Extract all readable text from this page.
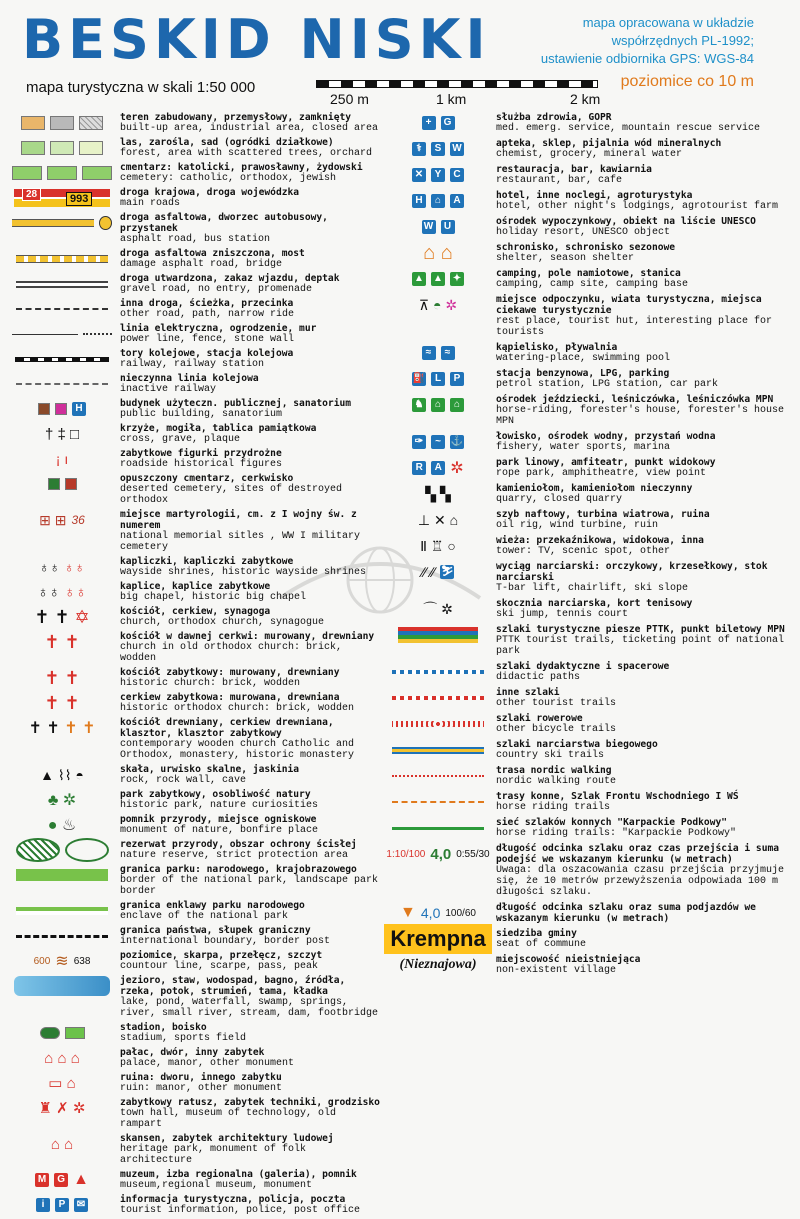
BESKID NISKI
mapa turystyczna w skali 1:50 000
mapa opracowana w układzie
współrzędnych PL-1992;
ustawienie odbiornika GPS: WGS-84
poziomice co 10 m
250 m	1 km	2 km
teren zabudowany, przemysłowy, zamknięty
built-up area, industrial area, closed area
las, zarośla, sad (ogródki działkowe)
forest, area with scattered trees, orchard
cmentarz: katolicki, prawosławny, żydowski
cemetery: catholic, orthodox, jewish
28	993
droga krajowa, droga wojewódzka
main roads
droga asfaltowa, dworzec autobusowy, przystanek
asphalt road, bus station
droga asfaltowa zniszczona, most
damage asphalt road, bridge
droga utwardzona, zakaz wjazdu, deptak
gravel road, no entry, promenade
inna droga, ścieżka, przecinka
other road, path, narrow ride
linia elektryczna, ogrodzenie, mur
power line, fence, stone wall
tory kolejowe, stacja kolejowa
railway, railway station
nieczynna linia kolejowa
inactive railway
H	budynek użyteczn. publicznej, sanatorium
public building, sanatorium
† ‡ □	krzyże, mogiła, tablica pamiątkowa
cross, grave, plaque
¡ ı	zabytkowe figurki przydrożne
roadside historical figures
opuszczony cmentarz, cerkwisko
deserted cemetery, sites of destroyed orthodox
⊞ ⊞ 36	miejsce martyrologii, cm. z I wojny św. z numerem
national memorial sitles , WW I military cemetery
♁♁ ♁♁	kapliczki, kapliczki zabytkowe
wayside shrines, historic wayside shrines
♁♁ ♁♁	kaplice, kaplice zabytkowe
big chapel, historic big chapel
✝ ✝ ✡	kościół, cerkiew, synagoga
church, orthodox church, synagogue
✝ ✝	kościół w dawnej cerkwi: murowany, drewniany
church in old orthodox church: brick, wodden
✝ ✝	kościół zabytkowy: murowany, drewniany
historic church: brick, wodden
✝ ✝	cerkiew zabytkowa: murowana, drewniana
historic orthodox church: brick, wodden
✝ ✝ ✝ ✝	kościół drewniany, cerkiew drewniana, klasztor, klasztor zabytkowy
contemporary wooden church Catholic and Orthodox, monastery, historic monastery
▲ ⌇⌇ ◓	skała, urwisko skalne, jaskinia
rock, rock wall, cave
♣ ✲	park zabytkowy, osobliwość natury
historic park, nature curiosities
● ♨	pomnik przyrody, miejsce ogniskowe
monument of nature, bonfire place
rezerwat przyrody, obszar ochrony ścisłej
nature reserve, strict protection area
granica parku: narodowego, krajobrazowego
border of the national park, landscape park border
granica enklawy parku narodowego
enclave of the national park
granica państwa, słupek graniczny
international boundary, border post
600 ≋ 638	poziomice, skarpa, przełęcz, szczyt
countour line, scarpe, pass, peak
jezioro, staw, wodospad, bagno, źródła, rzeka, potok, strumień, tama, kładka
lake, pond, waterfall, swamp, springs, river, small river, stream, dam, footbridge
stadion, boisko
stadium, sports field
⌂ ⌂ ⌂	pałac, dwór, inny zabytek
palace, manor, other monument
▭ ⌂	ruina: dworu, innego zabytku
ruin: manor, other monument
♜ ✗ ✲	zabytkowy ratusz, zabytek techniki, grodzisko
town hall, museum of technology, old rampart
⌂ ⌂	skansen, zabytek architektury ludowej
heritage park, monument of folk architecture
M	G ▲	muzeum, izba regionalna (galeria), pomnik
museum,regional museum, monument
i	P	✉	informacja turystyczna, policja, poczta
tourist information, police, post office
+	G	służba zdrowia, GOPR
med. emerg. service, mountain rescue service
⚕	S	W	apteka, sklep, pijalnia wód mineralnych
chemist, grocery, mineral water
✕	Y	C	restauracja, bar, kawiarnia
restaurant, bar, cafe
H	⌂	A	hotel, inne noclegi, agroturystyka
hotel, other night's lodgings, agrotourist farm
W	U	ośrodek wypoczynkowy, obiekt na liście UNESCO
holiday resort, UNESCO object
⌂ ⌂	schronisko, schronisko sezonowe
shelter, season shelter
▲ ▲ ✦	camping, pole namiotowe, stanica
camping, camp site, camping base
⊼ ◓ ✲	miejsce odpoczynku, wiata turystyczna, miejsca ciekawe turystycznie
rest place, tourist hut, interesting place for tourists
≈	≈	kąpielisko, pływalnia
watering-place, swimming pool
⛽ L	P	stacja benzynowa, LPG, parking
petrol station, LPG station, car park
♞	⌂	⌂	ośrodek jeździecki, leśniczówka, leśniczówka MPN
horse-riding, forester's house, forester's house MPN
✑	~ ⚓	łowisko, ośrodek wodny, przystań wodna
fishery, water sports, marina
R	A ✲	park linowy, amfiteatr, punkt widokowy
rope park, amphitheatre, view point
▚ ▚	kamieniołom, kamieniołom nieczynny
quarry, closed quarry
⊥ ✕ ⌂	szyb naftowy, turbina wiatrowa, ruina
oil rig, wind turbine, ruin
Ⅱ ♖ ○	wieża: przekaźnikowa, widokowa, inna
tower: TV, scenic spot, other
∕∕ ∕∕ ⛷	wyciąg narciarski: orczykowy, krzesełkowy, stok narciarski
T-bar lift, chairlift, ski slope
⌒ ✲	skocznia narciarska, kort tenisowy
ski jump, tennis court
szlaki turystyczne piesze PTTK, punkt biletowy MPN
PTTK tourist trails, ticketing point of national park
szlaki dydaktyczne i spacerowe
didactic paths
inne szlaki
other tourist trails
szlaki rowerowe
other bicycle trails
szlaki narciarstwa biegowego
country ski trails
trasa nordic walking
nordic walking route
trasy konne, Szlak Frontu Wschodniego I WŚ
horse riding trails
sieć szlaków konnych "Karpackie Podkowy"
horse riding trails: "Karpackie Podkowy"
1:10/100 4,0 0:55/30 długość odcinka szlaku oraz czas przejścia i suma podejść we wskazanym kierunku (w metrach)
Uwaga: dla oszacowania czasu przejścia przyjmuje się, że 10 metrów przewyższenia odpowiada 100 m długości szlaku.
▼ 4,0 100/60 długość odcinka szlaku oraz suma podjazdów we wskazanym kierunku (w metrach)
Krempna	siedziba gminy
seat of commune
(Nieznajowa) miejscowość nieistniejąca
non-existent village
